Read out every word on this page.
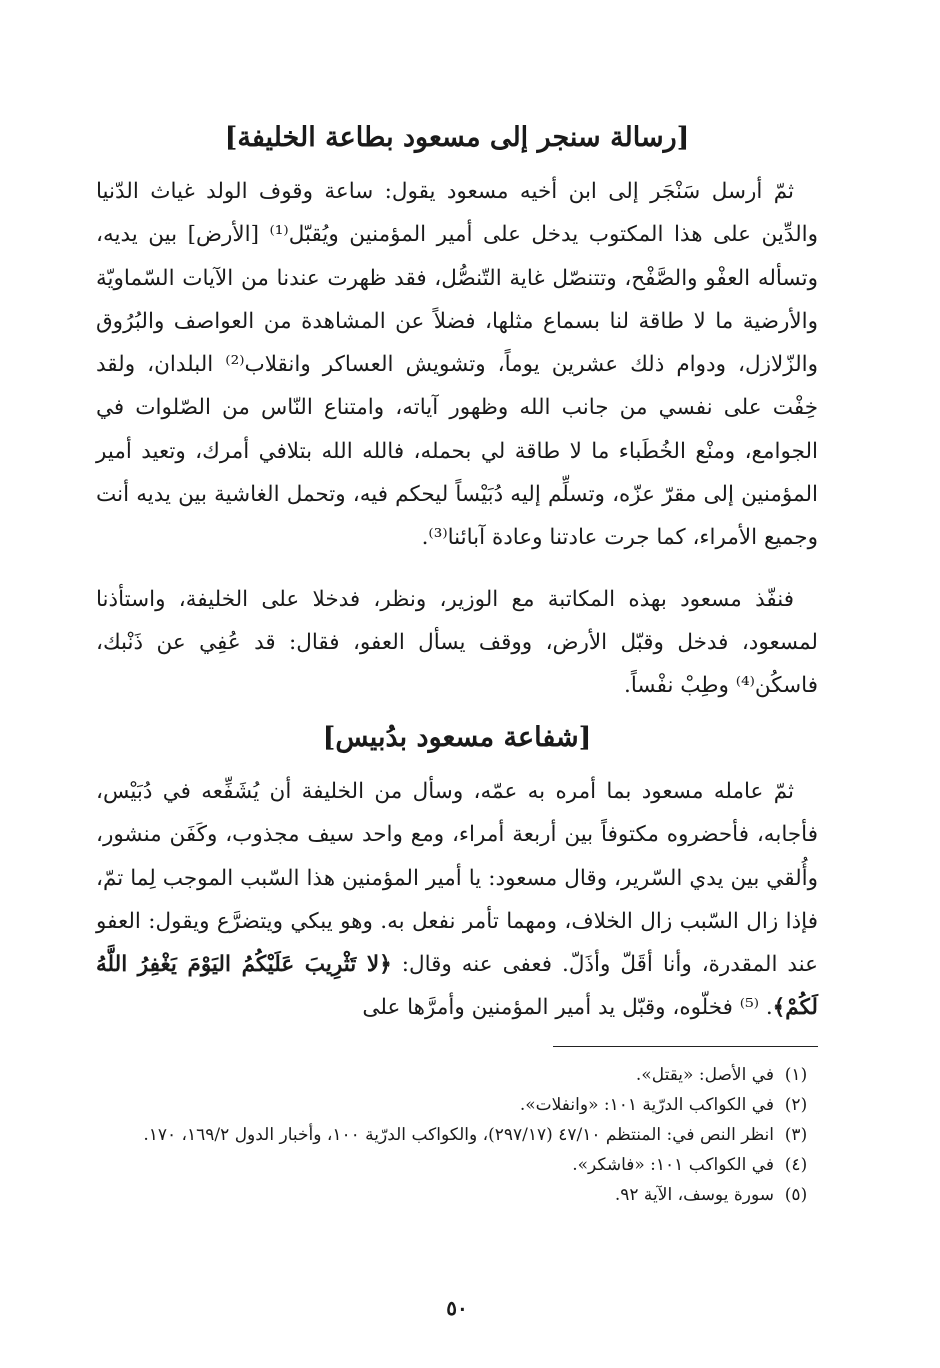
[رسالة سنجر إلى مسعود بطاعة الخليفة]

ثمّ أرسل سَنْجَر إلى ابن أخيه مسعود يقول: ساعة وقوف الولد غياث الدّنيا والدِّين على هذا المكتوب يدخل على أمير المؤمنين ويُقبّل⁽¹⁾ [الأرض] بين يديه، وتسأله العفْو والصَّفْح، وتتنصّل غاية التّنصُّل، فقد ظهرت عندنا من الآيات السّماويّة والأرضية ما لا طاقة لنا بسماع مثلها، فضلاً عن المشاهدة من العواصف والبُرُوق والزّلازل، ودوام ذلك عشرين يوماً، وتشويش العساكر وانقلاب⁽²⁾ البلدان، ولقد خِفْت على نفسي من جانب الله وظهور آياته، وامتناع النّاس من الصّلوات في الجوامع، ومنْع الخُطَباء ما لا طاقة لي بحمله، فالله الله بتلافي أمرك، وتعيد أمير المؤمنين إلى مقرّ عزّه، وتسلِّم إليه دُبَيْساً ليحكم فيه، وتحمل الغاشية بين يديه أنت وجميع الأمراء، كما جرت عادتنا وعادة آبائنا⁽³⁾.

فنفّذ مسعود بهذه المكاتبة مع الوزير، ونظر، فدخلا على الخليفة، واستأذنا لمسعود، فدخل وقبّل الأرض، ووقف يسأل العفو، فقال: قد عُفِي عن ذَنْبك، فاسكُن⁽⁴⁾ وطِبْ نفْساً.

[شفاعة مسعود بدُبيس]

ثمّ عامله مسعود بما أمره به عمّه، وسأل من الخليفة أن يُشَفِّعه في دُبَيْس، فأجابه، فأحضروه مكتوفاً بين أربعة أمراء، ومع واحد سيف مجذوب، وكَفَن منشور، وأُلقي بين يدي السّرير، وقال مسعود: يا أمير المؤمنين هذا السّبب الموجب لِما تمّ، فإذا زال السّبب زال الخلاف، ومهما تأمر نفعل به. وهو يبكي ويتضرَّع ويقول: العفو عند المقدرة، وأنا أقَلّ وأذَلّ. فعفى عنه وقال: ﴿لا تَثْرِيبَ عَلَيْكُمُ اليَوْمَ يَغْفِرُ اللَّهُ لَكُمْ﴾. ⁽⁵⁾ فخلّوه، وقبّل يد أمير المؤمنين وأمرَّها على

(١)
في الأصل: «يقتل».
(٢)
في الكواكب الدرّية ١٠١: «وانفلات».
(٣)
انظر النص في: المنتظم ٤٧/١٠ (٢٩٧/١٧)، والكواكب الدرّية ١٠٠، وأخبار الدول ١٦٩/٢، ١٧٠.
(٤)
في الكواكب ١٠١: «فاشكر».
(٥)
سورة يوسف، الآية ٩٢.
٥٠
